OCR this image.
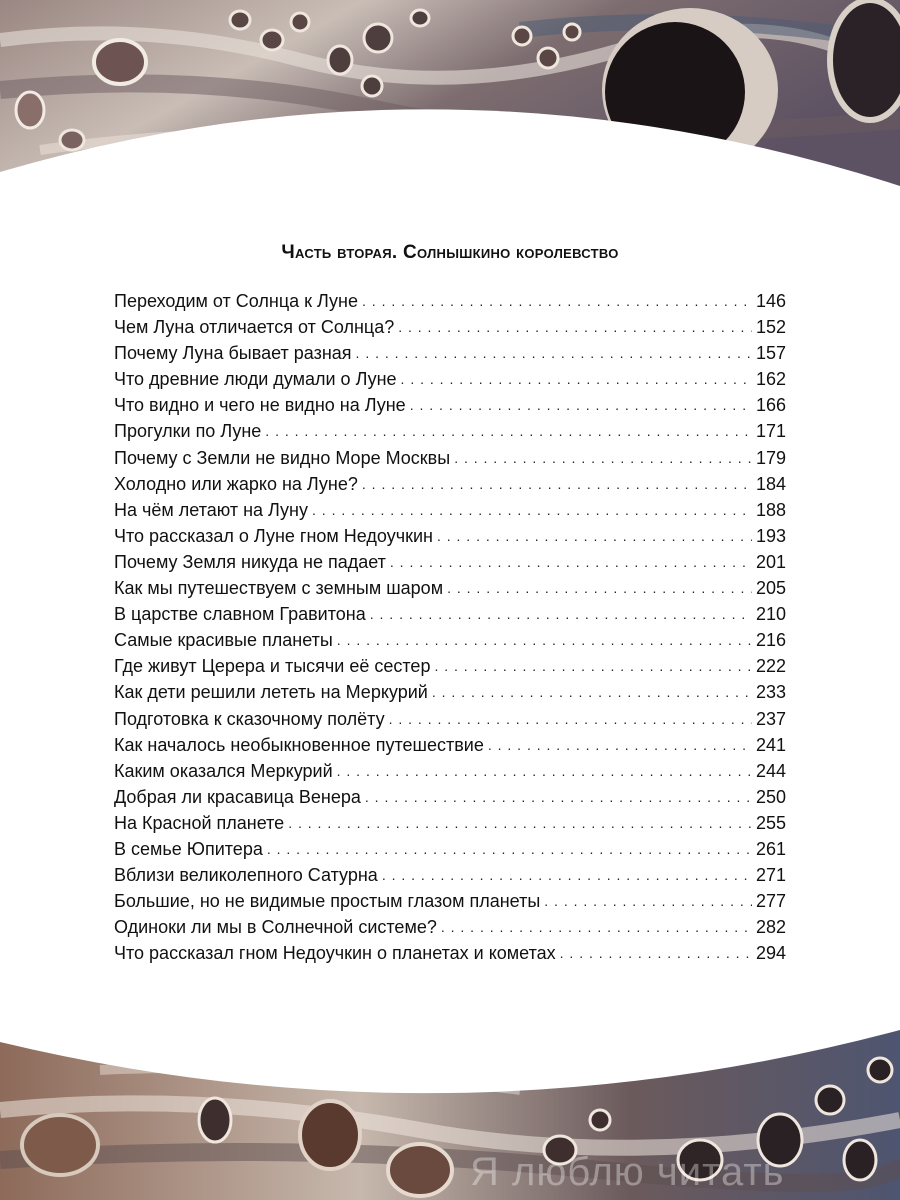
Часть вторая. Солнышкино королевство
Переходим от Солнца к Луне . . .	146
Чем Луна отличается от Солнца? . . .	152
Почему Луна бывает разная . . .	157
Что древние люди думали о Луне . . .	162
Что видно и чего не видно на Луне . . .	166
Прогулки по Луне . . .	171
Почему с Земли не видно Море Москвы . . .	179
Холодно или жарко на Луне? . . .	184
На чём летают на Луну . . .	188
Что рассказал о Луне гном Недоучкин . . .	193
Почему Земля никуда не падает . . .	201
Как мы путешествуем с земным шаром . . .	205
В царстве славном Гравитона . . .	210
Самые красивые планеты . . .	216
Где живут Церера и тысячи её сестер . . .	222
Как дети решили лететь на Меркурий . . .	233
Подготовка к сказочному полёту . . .	237
Как началось необыкновенное путешествие . . .	241
Каким оказался Меркурий . . .	244
Добрая ли красавица Венера . . .	250
На Красной планете . . .	255
В семье Юпитера . . .	261
Вблизи великолепного Сатурна . . .	271
Большие, но не видимые простым глазом планеты . . .	277
Одиноки ли мы в Солнечной системе? . . .	282
Что рассказал гном Недоучкин о планетах и кометах . . .	294
Я люблю читать
